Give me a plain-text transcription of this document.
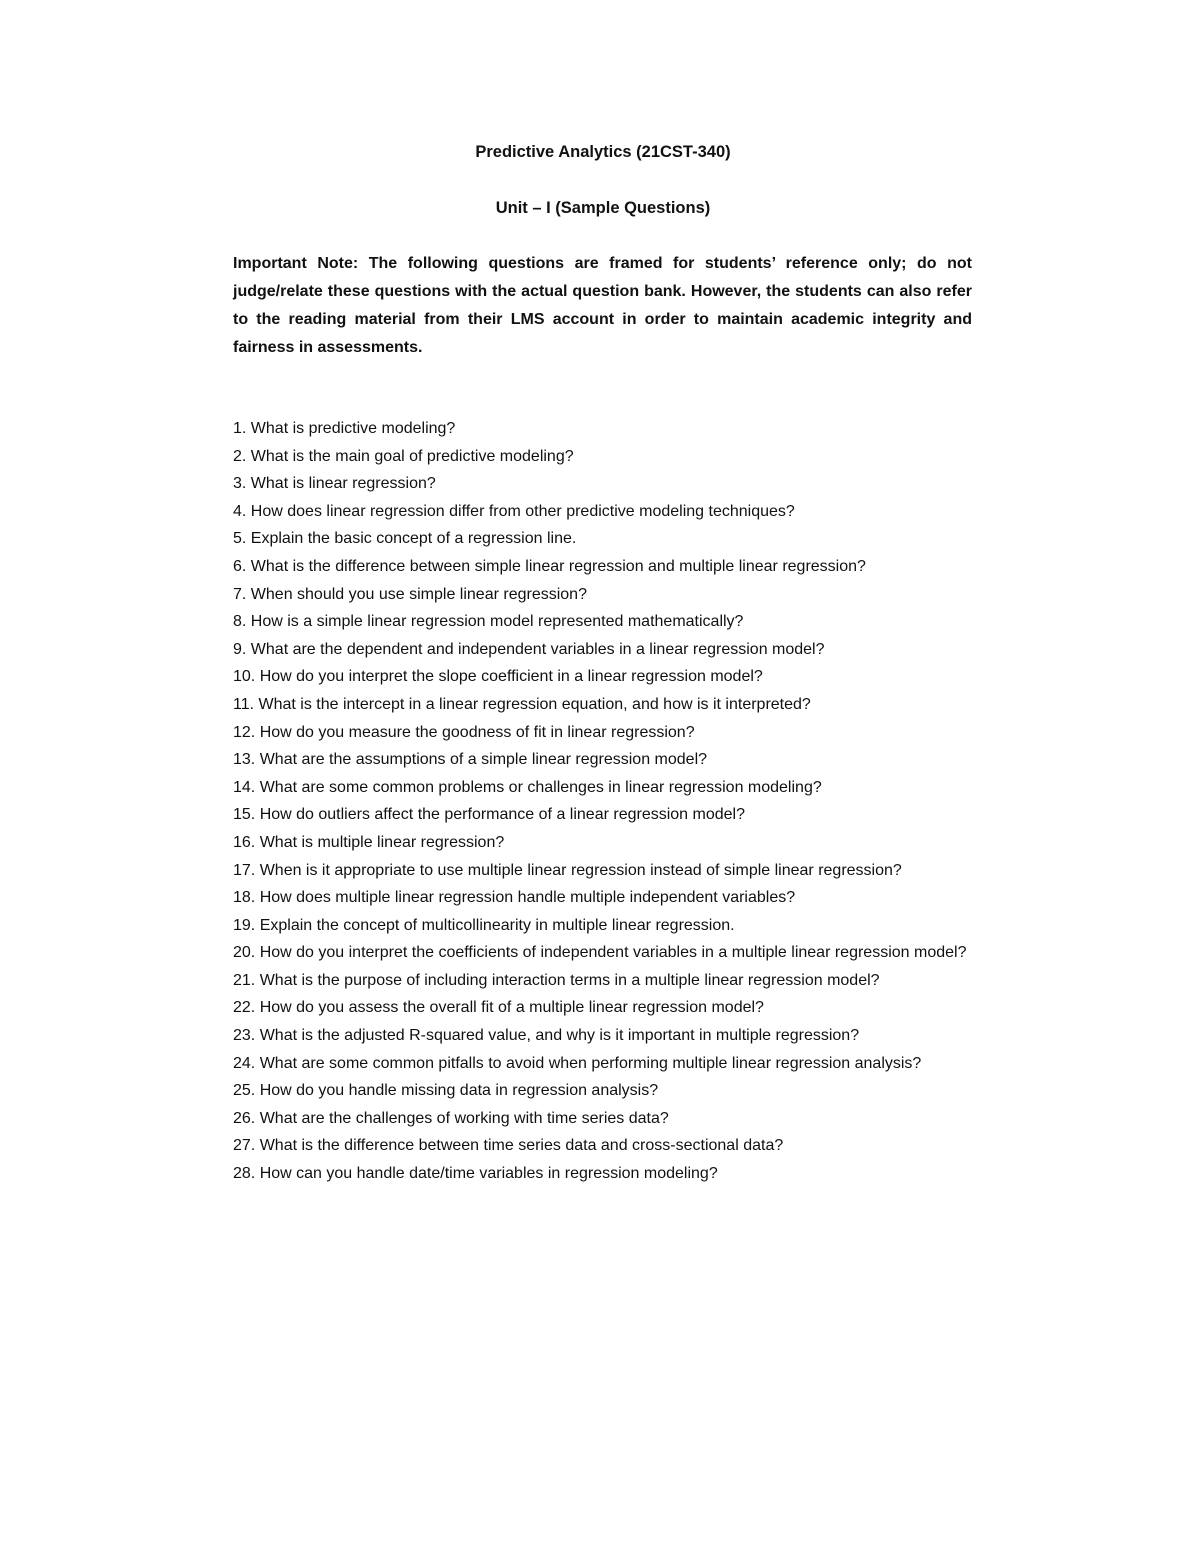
Predictive Analytics (21CST-340)
Unit – I (Sample Questions)
Important Note: The following questions are framed for students’ reference only; do not judge/relate these questions with the actual question bank. However, the students can also refer to the reading material from their LMS account in order to maintain academic integrity and fairness in assessments.
1. What is predictive modeling?
2. What is the main goal of predictive modeling?
3. What is linear regression?
4. How does linear regression differ from other predictive modeling techniques?
5. Explain the basic concept of a regression line.
6. What is the difference between simple linear regression and multiple linear regression?
7. When should you use simple linear regression?
8. How is a simple linear regression model represented mathematically?
9. What are the dependent and independent variables in a linear regression model?
10. How do you interpret the slope coefficient in a linear regression model?
11. What is the intercept in a linear regression equation, and how is it interpreted?
12. How do you measure the goodness of fit in linear regression?
13. What are the assumptions of a simple linear regression model?
14. What are some common problems or challenges in linear regression modeling?
15. How do outliers affect the performance of a linear regression model?
16. What is multiple linear regression?
17. When is it appropriate to use multiple linear regression instead of simple linear regression?
18. How does multiple linear regression handle multiple independent variables?
19. Explain the concept of multicollinearity in multiple linear regression.
20. How do you interpret the coefficients of independent variables in a multiple linear regression model?
21. What is the purpose of including interaction terms in a multiple linear regression model?
22. How do you assess the overall fit of a multiple linear regression model?
23. What is the adjusted R-squared value, and why is it important in multiple regression?
24. What are some common pitfalls to avoid when performing multiple linear regression analysis?
25. How do you handle missing data in regression analysis?
26. What are the challenges of working with time series data?
27. What is the difference between time series data and cross-sectional data?
28. How can you handle date/time variables in regression modeling?
